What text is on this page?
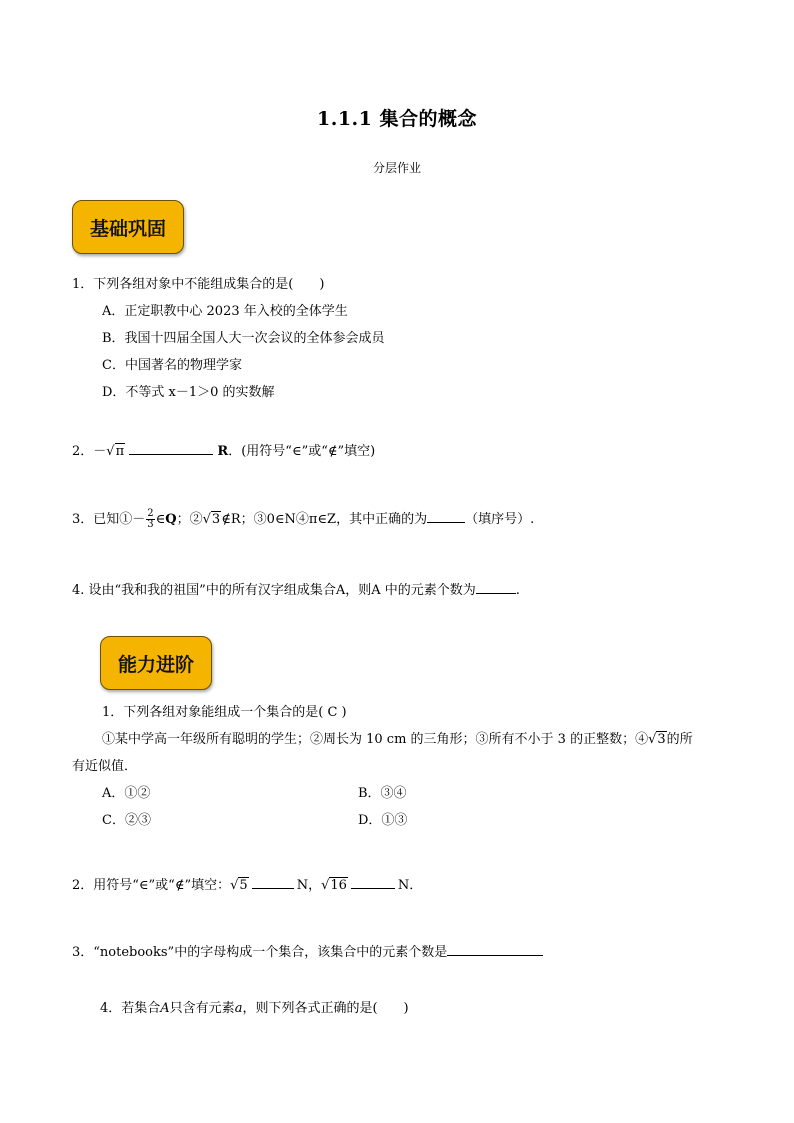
1.1.1 集合的概念
分层作业
基础巩固
1．下列各组对象中不能组成集合的是(　　)
A．正定职教中心 2023 年入校的全体学生
B．我国十四届全国人大一次会议的全体参会成员
C．中国著名的物理学家
D．不等式 x－1＞0 的实数解
2．－√π	R．(用符号“∈”或“∉”填空)
3．已知①－ $\frac{2}{3}$ ∈Q；②√3∉R；③0∈N④π∈Z，其中正确的为	（填序号）.
4. 设由“我和我的祖国”中的所有汉字组成集合A，则A 中的元素个数为	.
能力进阶
1．下列各组对象能组成一个集合的是( C )
①某中学高一年级所有聪明的学生；②周长为 10 cm 的三角形；③所有不小于 3 的正整数；④√3的所
有近似值．
A．①②	B．③④
C．②③	D．①③
2．用符号“∈”或“∉”填空：√5	N，√16	N．
3．“notebooks”中的字母构成一个集合，该集合中的元素个数是
4．若集合A只含有元素a，则下列各式正确的是(　　)
